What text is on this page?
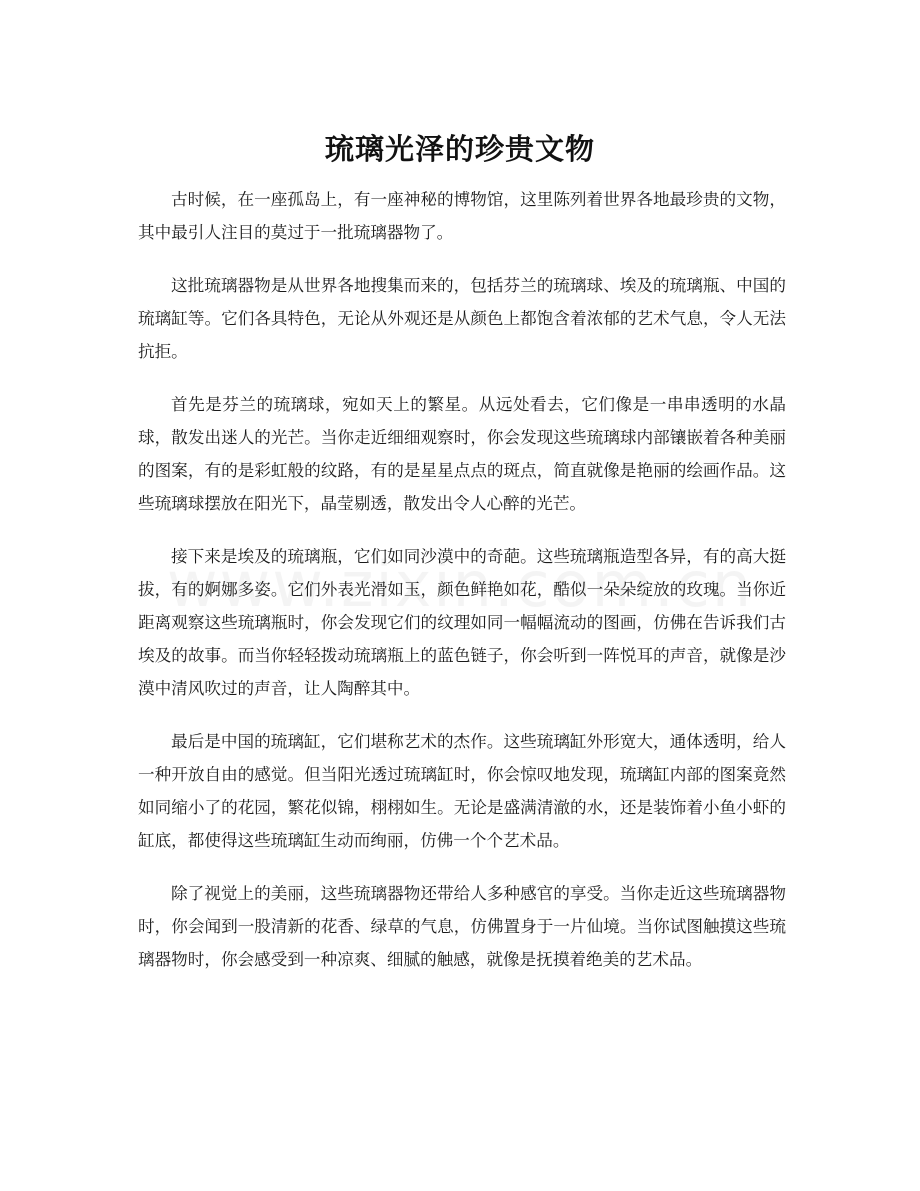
琉璃光泽的珍贵文物

古时候，在一座孤岛上，有一座神秘的博物馆，这里陈列着世界各地最珍贵的文物，其中最引人注目的莫过于一批琉璃器物了。

这批琉璃器物是从世界各地搜集而来的，包括芬兰的琉璃球、埃及的琉璃瓶、中国的琉璃缸等。它们各具特色，无论从外观还是从颜色上都饱含着浓郁的艺术气息，令人无法抗拒。

首先是芬兰的琉璃球，宛如天上的繁星。从远处看去，它们像是一串串透明的水晶球，散发出迷人的光芒。当你走近细细观察时，你会发现这些琉璃球内部镶嵌着各种美丽的图案，有的是彩虹般的纹路，有的是星星点点的斑点，简直就像是艳丽的绘画作品。这些琉璃球摆放在阳光下，晶莹剔透，散发出令人心醉的光芒。

接下来是埃及的琉璃瓶，它们如同沙漠中的奇葩。这些琉璃瓶造型各异，有的高大挺拔，有的婀娜多姿。它们外表光滑如玉，颜色鲜艳如花，酷似一朵朵绽放的玫瑰。当你近距离观察这些琉璃瓶时，你会发现它们的纹理如同一幅幅流动的图画，仿佛在告诉我们古埃及的故事。而当你轻轻拨动琉璃瓶上的蓝色链子，你会听到一阵悦耳的声音，就像是沙漠中清风吹过的声音，让人陶醉其中。

最后是中国的琉璃缸，它们堪称艺术的杰作。这些琉璃缸外形宽大，通体透明，给人一种开放自由的感觉。但当阳光透过琉璃缸时，你会惊叹地发现，琉璃缸内部的图案竟然如同缩小了的花园，繁花似锦，栩栩如生。无论是盛满清澈的水，还是装饰着小鱼小虾的缸底，都使得这些琉璃缸生动而绚丽，仿佛一个个艺术品。

除了视觉上的美丽，这些琉璃器物还带给人多种感官的享受。当你走近这些琉璃器物时，你会闻到一股清新的花香、绿草的气息，仿佛置身于一片仙境。当你试图触摸这些琉璃器物时，你会感受到一种凉爽、细腻的触感，就像是抚摸着绝美的艺术品。
